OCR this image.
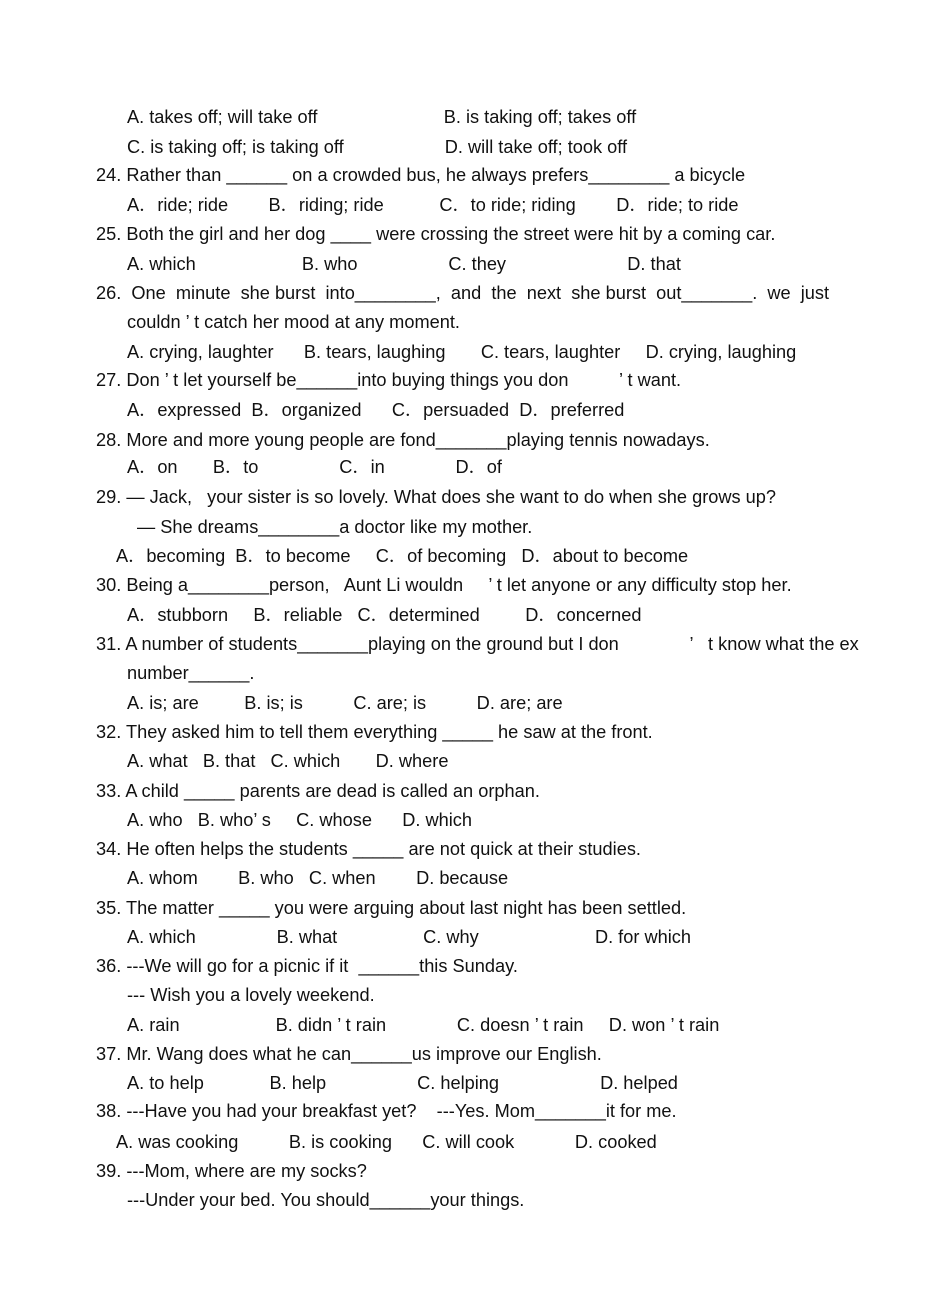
A. takes off; will take off                         B. is taking off; takes off

C. is taking off; is taking off                    D. will take off; took off

24. Rather than ______ on a crowded bus, he always prefers________ a bicycle

A．ride; ride        B．riding; ride           C．to ride; riding        D．ride; to ride

25. Both the girl and her dog ____ were crossing the street were hit by a coming car.

A. which                     B. who                  C. they                        D. that

26.  One  minute  she burst  into________,  and  the  next  she burst  out_______.  we  just

couldn ’ t catch her mood at any moment.

A. crying, laughter      B. tears, laughing       C. tears, laughter     D. crying, laughing

27. Don ’ t let yourself be______into buying things you don          ’ t want.

A．expressed  B．organized      C．persuaded  D．preferred

28. More and more young people are fond_______playing tennis nowadays.

A．on       B．to                C．in              D．of

29. — Jack,   your sister is so lovely. What does she want to do when she grows up?

— She dreams________a doctor like my mother.

A．becoming  B．to become     C．of becoming   D．about to become

30. Being a________person,   Aunt Li wouldn     ’ t let anyone or any difficulty stop her.

A．stubborn     B．reliable   C．determined         D．concerned

31. A number of students_______playing on the ground but I don              ’   t know what the ex

number______.

A. is; are         B. is; is          C. are; is          D. are; are

32. They asked him to tell them everything _____ he saw at the front.

A. what   B. that   C. which       D. where

33. A child _____ parents are dead is called an orphan.

A. who   B. who’ s     C. whose      D. which

34. He often helps the students _____ are not quick at their studies.

A. whom        B. who   C. when        D. because

35. The matter _____ you were arguing about last night has been settled.

A. which                B. what                 C. why                       D. for which

36. ---We will go for a picnic if it  ______this Sunday.

--- Wish you a lovely weekend.

A. rain                   B. didn ’ t rain              C. doesn ’ t rain     D. won ’ t rain

37. Mr. Wang does what he can______us improve our English.

A. to help             B. help                  C. helping                    D. helped

38. ---Have you had your breakfast yet?    ---Yes. Mom_______it for me.

A. was cooking          B. is cooking      C. will cook            D. cooked

39. ---Mom, where are my socks?

---Under your bed. You should______your things.
